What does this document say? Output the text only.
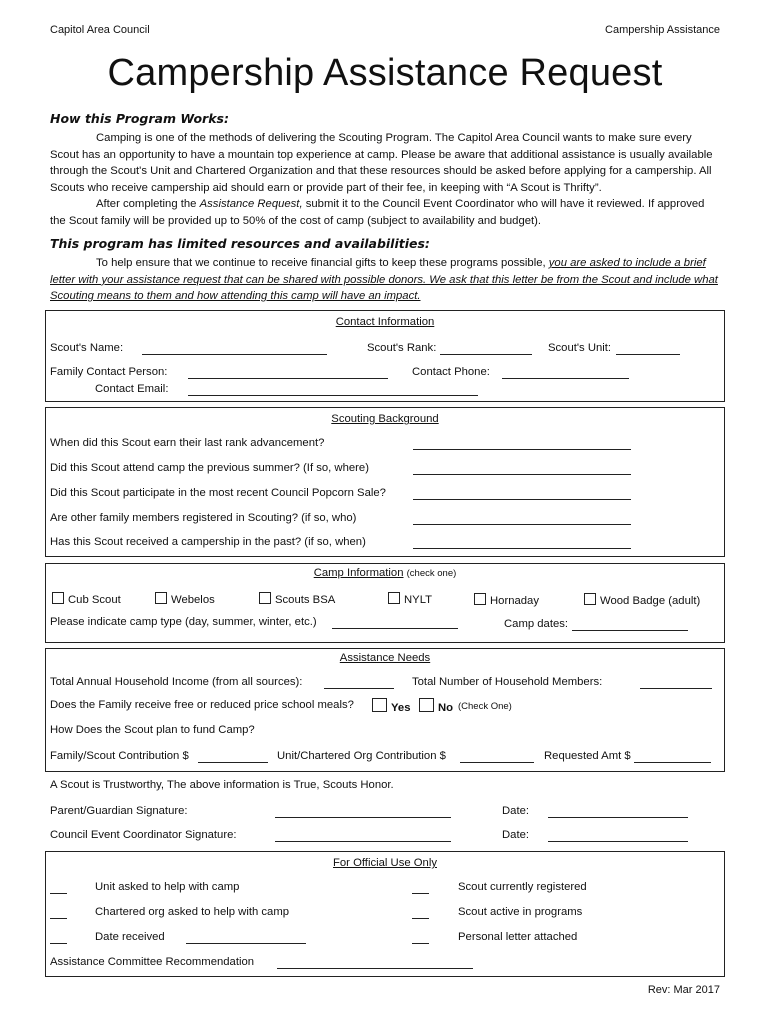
Capitol Area Council	Campership Assistance
Campership Assistance Request
How this Program Works:

Camping is one of the methods of delivering the Scouting Program. The Capitol Area Council wants to make sure every Scout has an opportunity to have a mountain top experience at camp. Please be aware that additional assistance is usually available through the Scout's Unit and Chartered Organization and that these resources should be asked before applying for a campership. All Scouts who receive campership aid should earn or provide part of their fee, in keeping with “A Scout is Thrifty”.

After completing the Assistance Request, submit it to the Council Event Coordinator who will have it reviewed. If approved the Scout family will be provided up to 50% of the cost of camp (subject to availability and budget).

This program has limited resources and availabilities:

To help ensure that we continue to receive financial gifts to keep these programs possible, you are asked to include a brief letter with your assistance request that can be shared with possible donors. We ask that this letter be from the Scout and include what Scouting means to them and how attending this camp will have an impact.

Contact Information
Scout's Name:	Scout's Rank:	Scout's Unit:
Family Contact Person:	Contact Phone:
Contact Email:
Scouting Background
When did this Scout earn their last rank advancement?
Did this Scout attend camp the previous summer? (If so, where)
Did this Scout participate in the most recent Council Popcorn Sale?
Are other family members registered in Scouting? (if so, who)
Has this Scout received a campership in the past? (if so, when)
Camp Information (check one)
Cub Scout	Webelos	Scouts BSA	NYLT	Hornaday	Wood Badge (adult)
Please indicate camp type (day, summer, winter, etc.)	Camp dates:
Assistance Needs
Total Annual Household Income (from all sources):	Total Number of Household Members:
Does the Family receive free or reduced price school meals?	Yes	No (Check One)
How Does the Scout plan to fund Camp?
Family/Scout Contribution $	Unit/Chartered Org Contribution $	Requested Amt $
A Scout is Trustworthy, The above information is True, Scouts Honor.
Parent/Guardian Signature:	Date:
Council Event Coordinator Signature:	Date:
For Official Use Only
Unit asked to help with camp	Scout currently registered
Chartered org asked to help with camp	Scout active in programs
Date received	Personal letter attached
Assistance Committee Recommendation
Rev: Mar 2017
